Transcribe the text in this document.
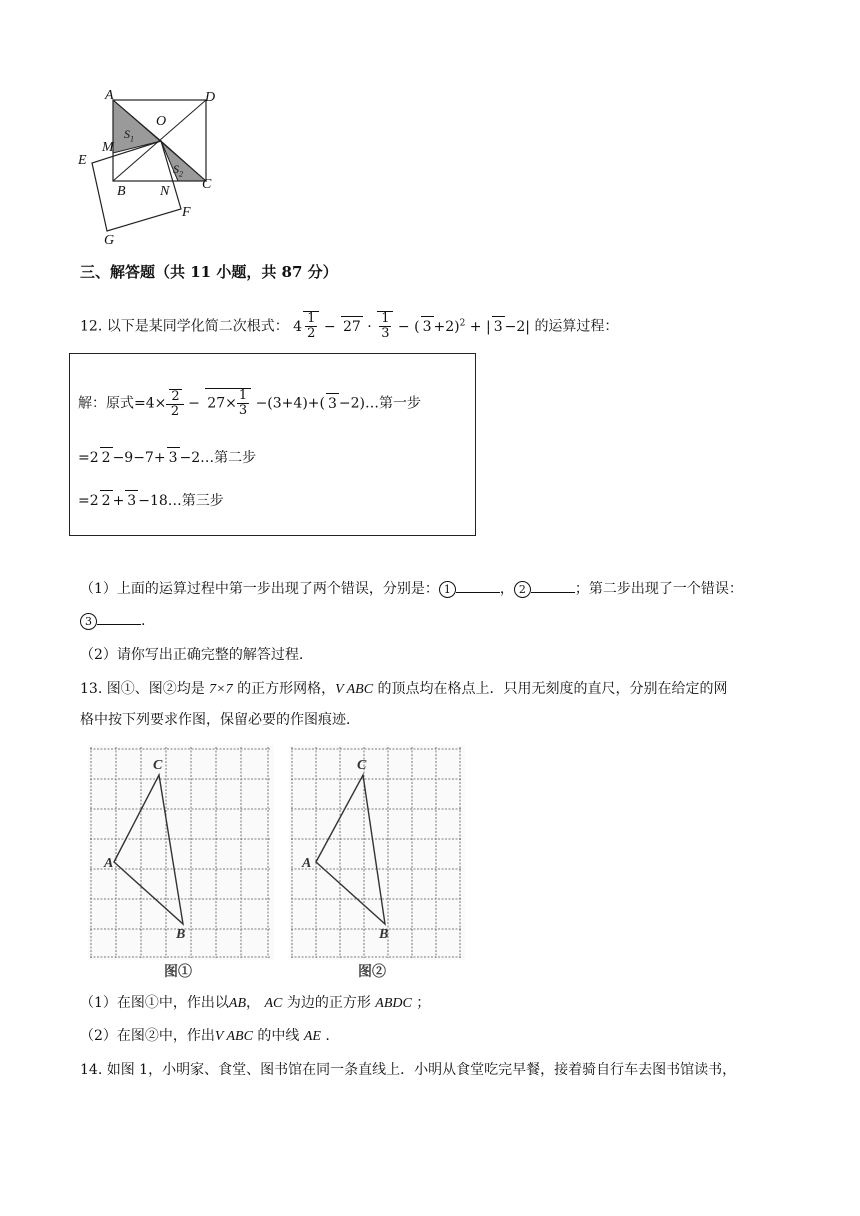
A	D
E
M
O
$S_1$
$S_2$
B N C
F
G
三、解答题（共 11 小题，共 87 分）
12. 以下是某同学化简二次根式： $4 \frac{1}{2} - 27 \cdot \frac{1}{3}$ − ( 3 +2)$^2$ + | 3 −2| 的运算过程：
解：原式$=4\times \frac{2}{2} - 27\times \frac{1}{3} -(3+4)+$( 3 −2)…第一步
=2 2 −9−7+ 3 −2…第二步
=2 2 + 3 −18…第三步
（1）上面的运算过程中第一步出现了两个错误，分别是： 1	， 2	；第二步出现了一个错误：
3	.
（2）请你写出正确完整的解答过程.
13. 图①、图②均是 7×7 的正方形网格，V ABC 的顶点均在格点上．只用无刻度的直尺，分别在给定的网
格中按下列要求作图，保留必要的作图痕迹．
A
C
B
图①
A
C
B
图②
（1）在图①中，作出以AB， AC 为边的正方形 ABDC ；
（2）在图②中，作出V ABC 的中线 AE .
14. 如图 1，小明家、食堂、图书馆在同一条直线上．小明从食堂吃完早餐，接着骑自行车去图书馆读书，
